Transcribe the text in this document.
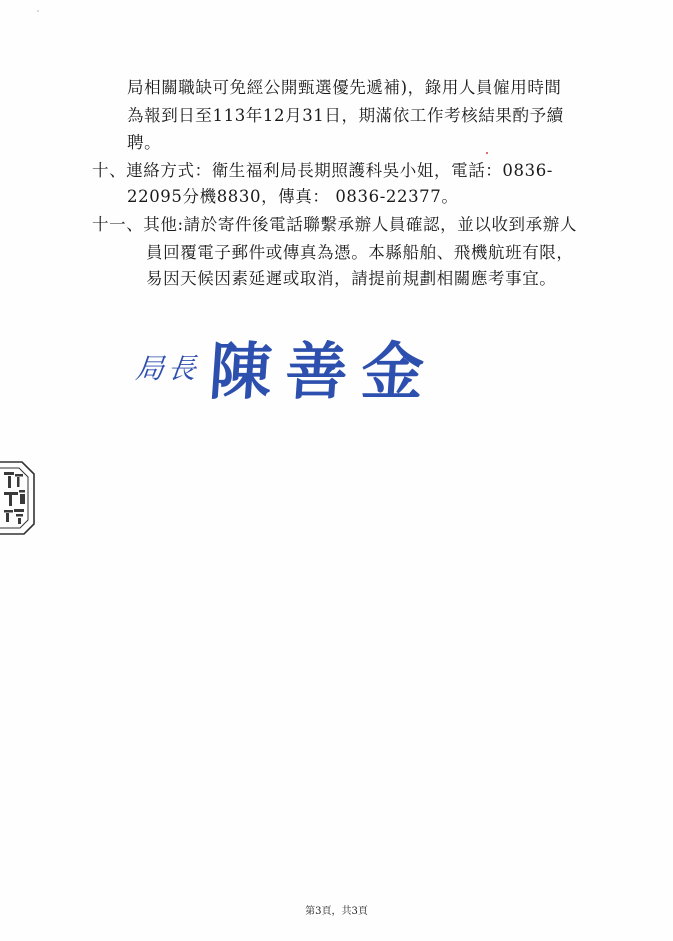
局相關職缺可免經公開甄選優先遞補)，錄用人員僱用時間
為報到日至113年12月31日，期滿依工作考核結果酌予續
聘。
十、連絡方式：衛生福利局長期照護科吳小姐，電話：0836-
22095分機8830，傳真： 0836-22377。
十一、其他:請於寄件後電話聯繫承辦人員確認，並以收到承辦人
員回覆電子郵件或傳真為憑。本縣船舶、飛機航班有限，
易因天候因素延遲或取消，請提前規劃相關應考事宜。
局長陳善金
第3頁，共3頁
